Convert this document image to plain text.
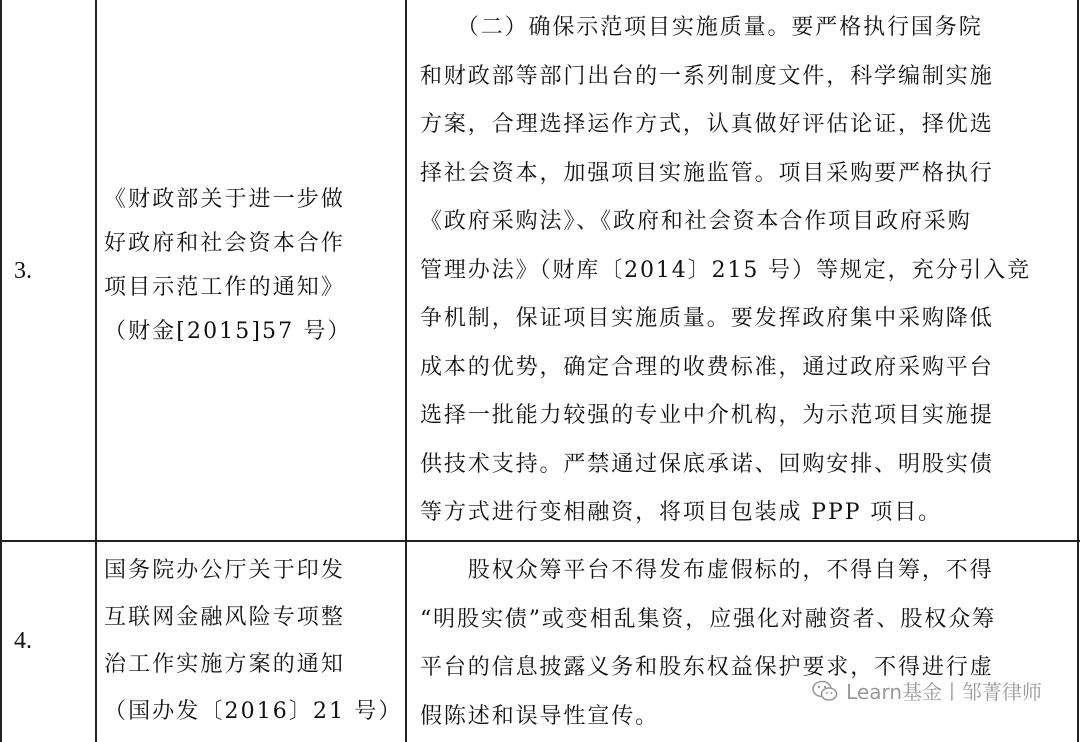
3.
《财政部关于进一步做
好政府和社会资本合作
项目示范工作的通知》
（财金[2015]57 号）
　　（二）确保示范项目实施质量。要严格执行国务院
和财政部等部门出台的一系列制度文件，科学编制实施
方案，合理选择运作方式，认真做好评估论证，择优选
择社会资本，加强项目实施监管。项目采购要严格执行
《政府采购法》、《政府和社会资本合作项目政府采购
管理办法》（财库〔2014〕215 号）等规定，充分引入竞
争机制，保证项目实施质量。要发挥政府集中采购降低
成本的优势，确定合理的收费标准，通过政府采购平台
选择一批能力较强的专业中介机构，为示范项目实施提
供技术支持。严禁通过保底承诺、回购安排、明股实债
等方式进行变相融资，将项目包装成 PPP 项目。
4.
国务院办公厅关于印发
互联网金融风险专项整
治工作实施方案的通知
（国办发〔2016〕21 号）
　　股权众筹平台不得发布虚假标的，不得自筹，不得
“明股实债”或变相乱集资，应强化对融资者、股权众筹
平台的信息披露义务和股东权益保护要求，不得进行虚
假陈述和误导性宣传。
Learn基金丨邹菁律师
